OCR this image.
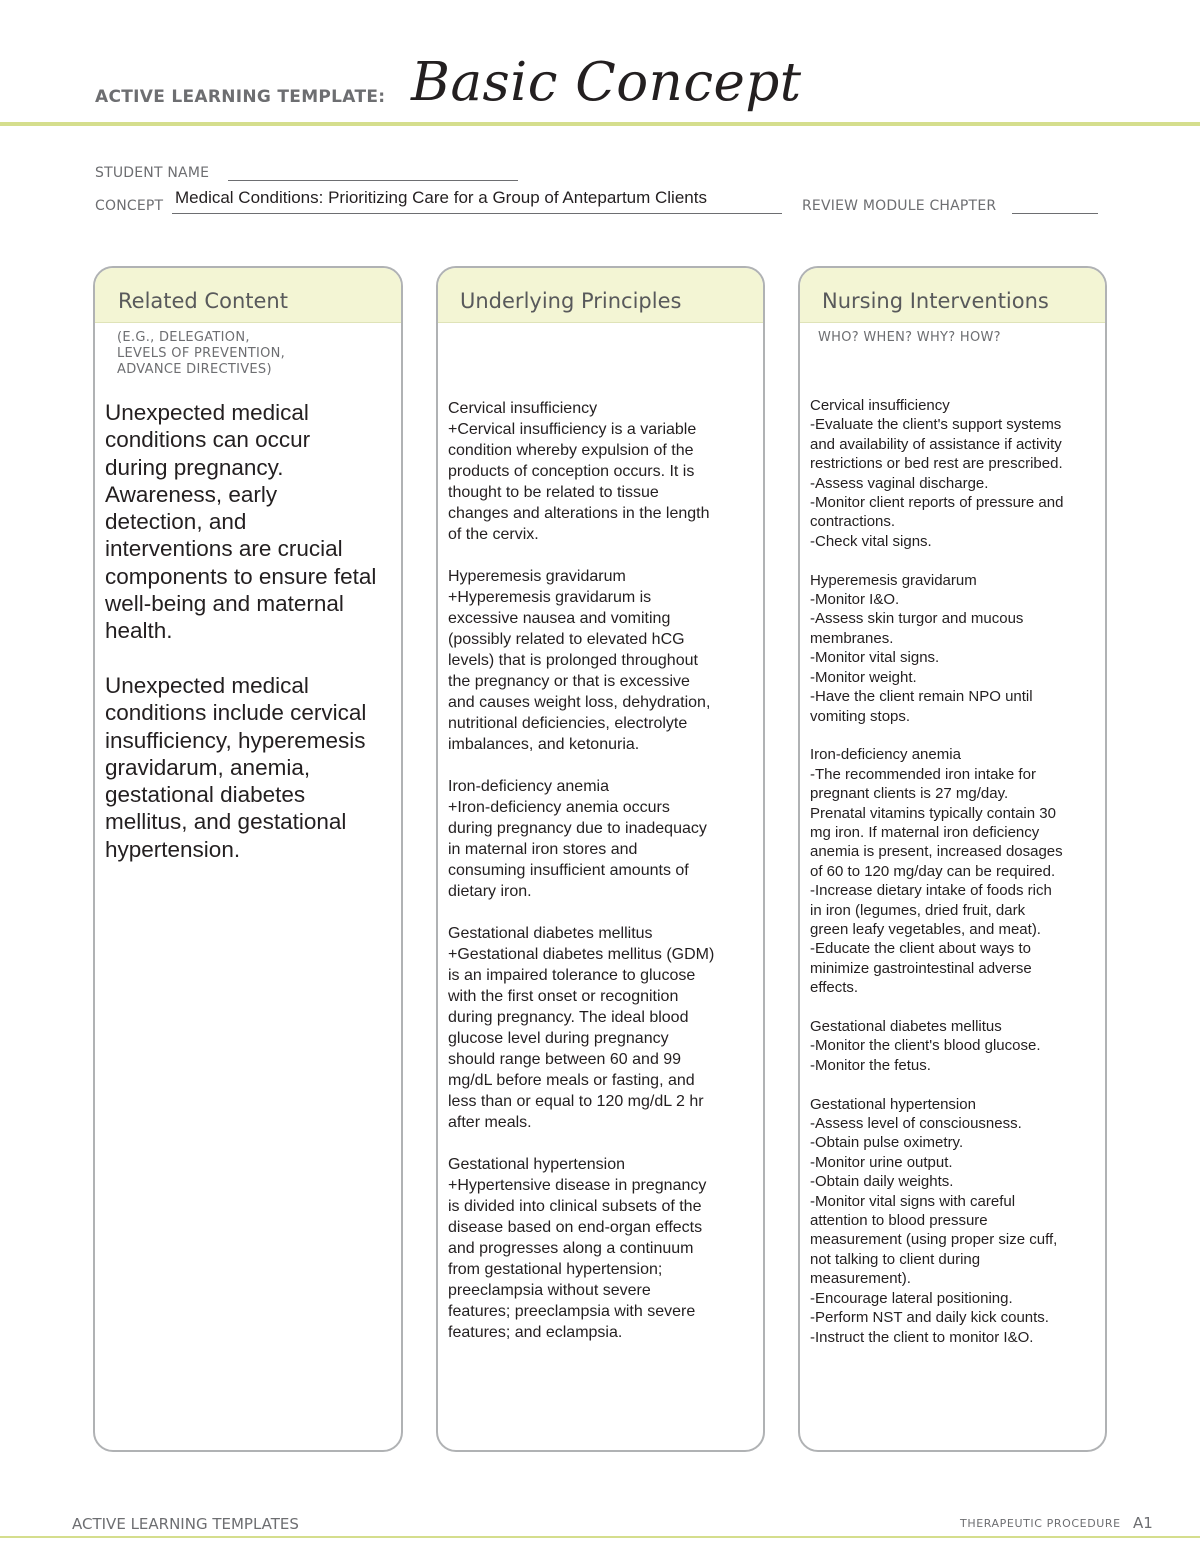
ACTIVE LEARNING TEMPLATE: Basic Concept
STUDENT NAME
CONCEPT Medical Conditions: Prioritizing Care for a Group of Antepartum Clients	REVIEW MODULE CHAPTER
Related Content
(E.G., DELEGATION,
LEVELS OF PREVENTION,
ADVANCE DIRECTIVES)
Unexpected medical
conditions can occur
during pregnancy.
Awareness, early
detection, and
interventions are crucial
components to ensure fetal
well-being and maternal
health.

Unexpected medical
conditions include cervical
insufficiency, hyperemesis
gravidarum, anemia,
gestational diabetes
mellitus, and gestational
hypertension.
Underlying Principles
Cervical insufficiency
+Cervical insufficiency is a variable
condition whereby expulsion of the
products of conception occurs. It is
thought to be related to tissue
changes and alterations in the length
of the cervix.

Hyperemesis gravidarum
+Hyperemesis gravidarum is
excessive nausea and vomiting
(possibly related to elevated hCG
levels) that is prolonged throughout
the pregnancy or that is excessive
and causes weight loss, dehydration,
nutritional deficiencies, electrolyte
imbalances, and ketonuria.

Iron-deficiency anemia
+Iron-deficiency anemia occurs
during pregnancy due to inadequacy
in maternal iron stores and
consuming insufficient amounts of
dietary iron.

Gestational diabetes mellitus
+Gestational diabetes mellitus (GDM)
is an impaired tolerance to glucose
with the first onset or recognition
during pregnancy. The ideal blood
glucose level during pregnancy
should range between 60 and 99
mg/dL before meals or fasting, and
less than or equal to 120 mg/dL 2 hr
after meals.

Gestational hypertension
+Hypertensive disease in pregnancy
is divided into clinical subsets of the
disease based on end-organ effects
and progresses along a continuum
from gestational hypertension;
preeclampsia without severe
features; preeclampsia with severe
features; and eclampsia.
Nursing Interventions
WHO? WHEN? WHY? HOW?
Cervical insufficiency
-Evaluate the client's support systems
and availability of assistance if activity
restrictions or bed rest are prescribed.
-Assess vaginal discharge.
-Monitor client reports of pressure and
contractions.
-Check vital signs.

Hyperemesis gravidarum
-Monitor I&O.
-Assess skin turgor and mucous
membranes.
-Monitor vital signs.
-Monitor weight.
-Have the client remain NPO until
vomiting stops.

Iron-deficiency anemia
-The recommended iron intake for
pregnant clients is 27 mg/day.
Prenatal vitamins typically contain 30
mg iron. If maternal iron deficiency
anemia is present, increased dosages
of 60 to 120 mg/day can be required.
-Increase dietary intake of foods rich
in iron (legumes, dried fruit, dark
green leafy vegetables, and meat).
-Educate the client about ways to
minimize gastrointestinal adverse
effects.

Gestational diabetes mellitus
-Monitor the client's blood glucose.
-Monitor the fetus.

Gestational hypertension
-Assess level of consciousness.
-Obtain pulse oximetry.
-Monitor urine output.
-Obtain daily weights.
-Monitor vital signs with careful
attention to blood pressure
measurement (using proper size cuff,
not talking to client during
measurement).
-Encourage lateral positioning.
-Perform NST and daily kick counts.
-Instruct the client to monitor I&O.
ACTIVE LEARNING TEMPLATES	THERAPEUTIC PROCEDURE A1
